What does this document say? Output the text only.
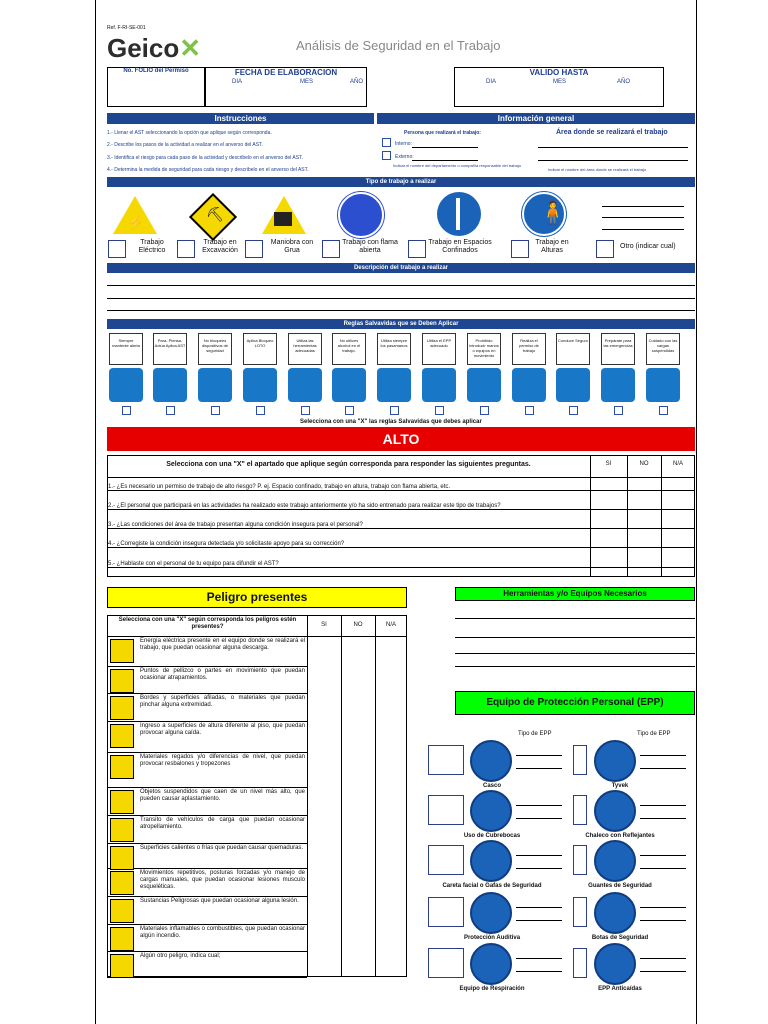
Ref. F-RI-SE-001
Geico✕	Análisis de Seguridad en el Trabajo
No. FOLIO del Permiso	FECHA DE ELABORACION
DIA	MES	AÑO
VALIDO HASTA
DIA	MES	AÑO
Instrucciones	Información general
1.- Llenar el AST seleccionando la opción que aplique según corresponda.
2.- Describe los pasos de la actividad a realizar en el anverso del AST.
3.- Identifica el riesgo para cada paso de la actividad y describelo en el anverso del AST.
4.- Determina la medida de seguridad para cada riesgo y describelo en el anverso del AST.
Persona que realizará el trabajo:
Interno:
Externo:
Indicar el nombre del departamento o compañía responsable del trabajo
Área donde se realizará el trabajo
Indicar el nombre del área donde se realizará el trabajo
Tipo de trabajo a realizar
⚡	⛏	🧍
Trabajo Eléctrico
Trabajo en Excavación
Maniobra con Grua
Trabajo con flama abierta
Trabajo en Espacios Confinados
Trabajo en Alturas
Otro (indicar cual)
Descripción del trabajo a realizar
Reglas Salvavidas que se Deben Aplicar
Selecciona con una "X" las reglas Salvavidas que debes aplicar
ALTO
Selecciona con una "X" el apartado que aplique según corresponda para responder las siguientes preguntas.	SI	NO	N/A
Peligro presentes
Selecciona con una "X" según corresponda los peligros estén presentes?	SI	NO	N/A
Herramientas y/o Equipos Necesarios
Equipo de Protección Personal (EPP)
Tipo de EPP	Tipo de EPP
Siempre mantente alerta
Para- Piensa- Actúa Aplica AST
No bloquees dispositivos de seguridad
Aplica Bloqueo LOTO
Utiliza las herramientas adecuadas
No utilices alcohol en el trabajo.
Utiliza siempre los pasamanos
Utiliza el EPP adecuado
Prohibido introducir manos o equipos en movimiento
Realiza el permiso de trabajo
Conduce Seguro	Prepárate para las emergencias
Cuidado con las cargas suspendidas
1.- ¿Es necesario un permiso de trabajo de alto riesgo? P. ej. Espacio confinado, trabajo en altura, trabajo con flama abierta, etc.
2.- ¿El personal que participará en las actividades ha realizado este trabajo anteriormente y/o ha sido entrenado para realizar este tipo de trabajos?
3.- ¿Las condiciones del área de trabajo presentan alguna condición insegura para el personal?
4.- ¿Corregiste la condición insegura detectada y/o solicitaste apoyo para su corrección?
5.- ¿Hablaste con el personal de tu equipo para difundir el AST?
Energía eléctrica presente en el equipo donde se realizará el trabajo, que puedan ocasionar alguna descarga.
Puntos de pellizco o partes en movimiento que puedan ocasionar atrapamientos.
Bordes y superficies afiladas, o materiales que puedan pinchar alguna extremidad.
Ingreso a superficies de altura diferente al piso, que puedan provocar alguna caída.
Materiales regados y/o diferencias de nivel, que puedan provocar resbalones y tropezones
Objetos suspendidos que caen de un nivel más alto, que pueden causar aplastamiento.
Transito de vehículos de carga que puedan ocasionar atropellamiento.
Superficies calientes o frías que puedan causar quemaduras.
Movimientos repetitivos, posturas forzadas y/o manejo de cargas manuales, que puedan ocasionar lesiones musculo esqueléticas.
Sustancias Peligrosas que puedan ocasionar alguna lesión.
Materiales inflamables o combustibles, que puedan ocasionar algún incendio.
Algún otro peligro, indica cual;
Casco	Tyvek
Uso de Cubrebocas	Chaleco con Reflejantes
Careta facial o Gafas de Seguridad	Guantes de Seguridad
Protección Auditiva	Botas de Seguridad
Equipo de Respiración	EPP Anticaídas
